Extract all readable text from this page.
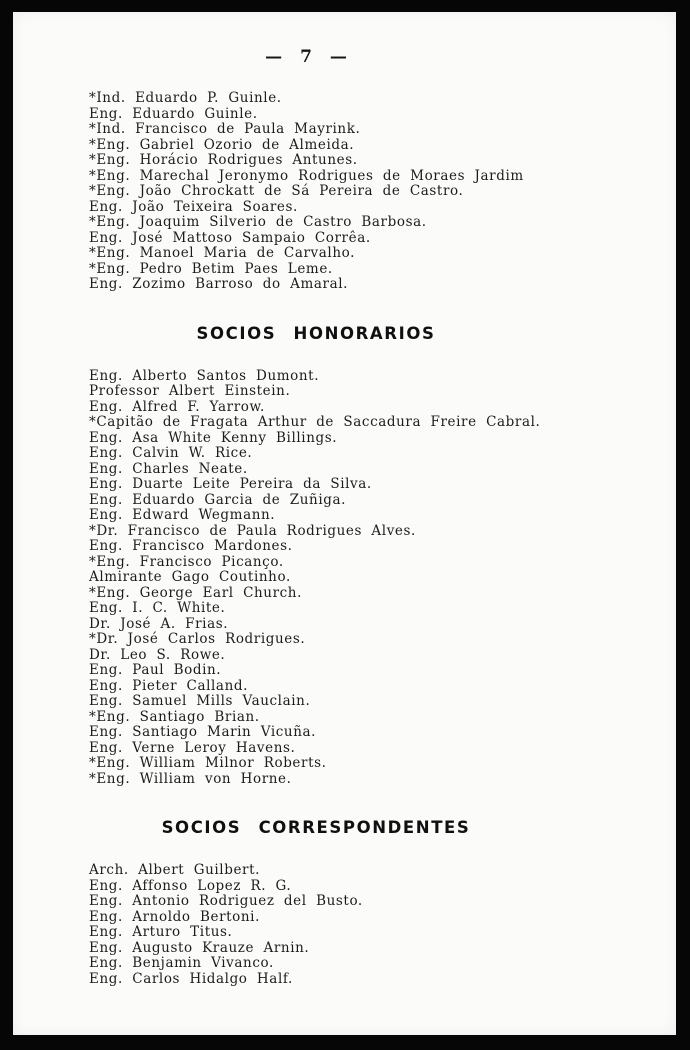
— 7 —
*Ind. Eduardo P. Guinle.
Eng. Eduardo Guinle.
*Ind. Francisco de Paula Mayrink.
*Eng. Gabriel Ozorio de Almeida.
*Eng. Horácio Rodrigues Antunes.
*Eng. Marechal Jeronymo Rodrigues de Moraes Jardim
*Eng. João Chrockatt de Sá Pereira de Castro.
Eng. João Teixeira Soares.
*Eng. Joaquim Silverio de Castro Barbosa.
Eng. José Mattoso Sampaio Corrêa.
*Eng. Manoel Maria de Carvalho.
*Eng. Pedro Betim Paes Leme.
Eng. Zozimo Barroso do Amaral.
SOCIOS HONORARIOS
Eng. Alberto Santos Dumont.
Professor Albert Einstein.
Eng. Alfred F. Yarrow.
*Capitão de Fragata Arthur de Saccadura Freire Cabral.
Eng. Asa White Kenny Billings.
Eng. Calvin W. Rice.
Eng. Charles Neate.
Eng. Duarte Leite Pereira da Silva.
Eng. Eduardo Garcia de Zuñiga.
Eng. Edward Wegmann.
*Dr. Francisco de Paula Rodrigues Alves.
Eng. Francisco Mardones.
*Eng. Francisco Picanço.
Almirante Gago Coutinho.
*Eng. George Earl Church.
Eng. I. C. White.
Dr. José A. Frias.
*Dr. José Carlos Rodrigues.
Dr. Leo S. Rowe.
Eng. Paul Bodin.
Eng. Pieter Calland.
Eng. Samuel Mills Vauclain.
*Eng. Santiago Brian.
Eng. Santiago Marin Vicuña.
Eng. Verne Leroy Havens.
*Eng. William Milnor Roberts.
*Eng. William von Horne.
SOCIOS CORRESPONDENTES
Arch. Albert Guilbert.
Eng. Affonso Lopez R. G.
Eng. Antonio Rodriguez del Busto.
Eng. Arnoldo Bertoni.
Eng. Arturo Titus.
Eng. Augusto Krauze Arnin.
Eng. Benjamin Vivanco.
Eng. Carlos Hidalgo Half.
